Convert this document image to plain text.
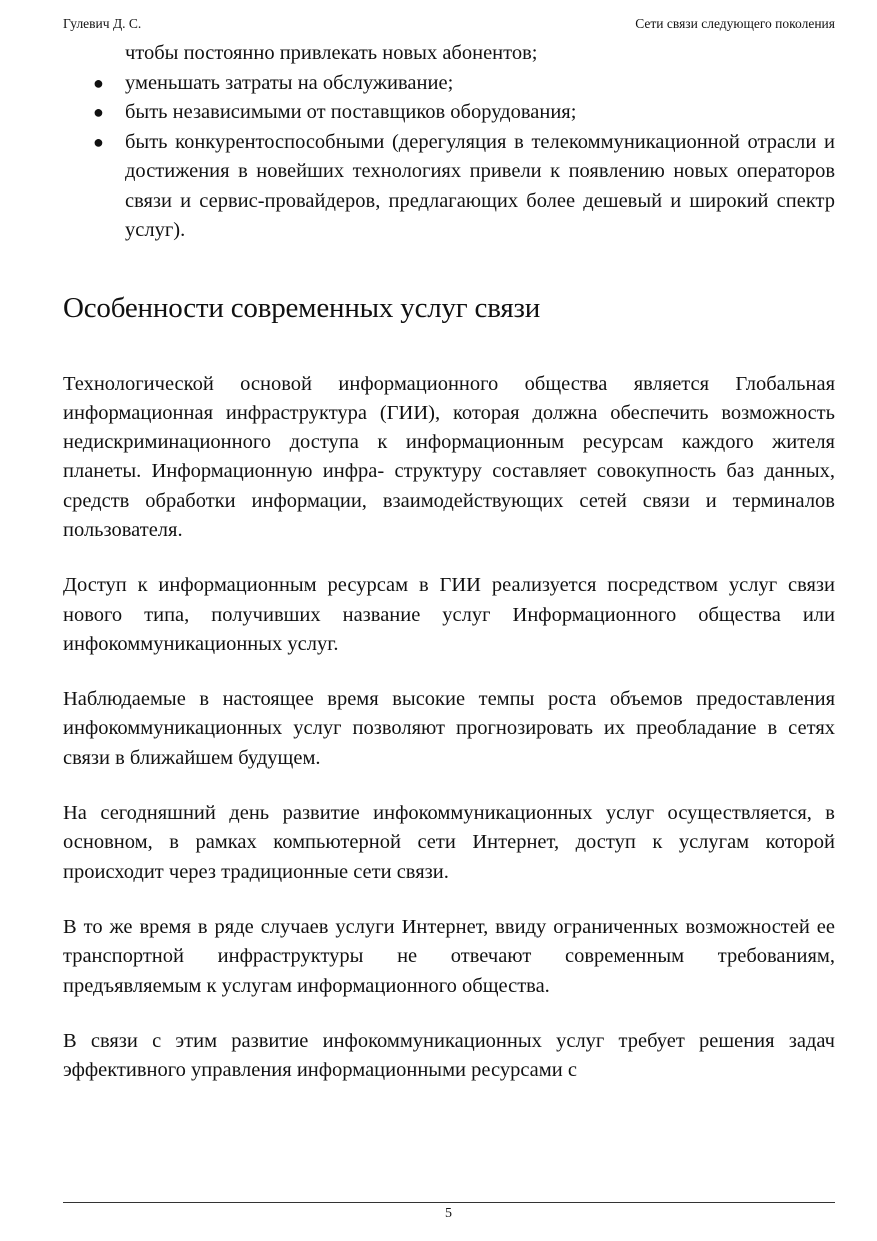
Гулевич Д. С.	Сети связи следующего поколения
чтобы постоянно привлекать новых абонентов;
● уменьшать затраты на обслуживание;
● быть независимыми от поставщиков оборудования;
● быть конкурентоспособными (дерегуляция в телекоммуникационной отрасли и достижения в новейших технологиях привели к появлению новых операторов связи и сервис-провайдеров, предлагающих более дешевый и широкий спектр услуг).
Особенности современных услуг связи

Технологической основой информационного общества является Глобальная информационная инфраструктура (ГИИ), которая должна обеспечить возможность недискриминационного доступа к информационным ресурсам каждого жителя планеты. Информационную инфра- структуру составляет совокупность баз данных, средств обработки информации, взаимодействующих сетей связи и терминалов пользователя.

Доступ к информационным ресурсам в ГИИ реализуется посредством услуг связи нового типа, получивших название услуг Информационного общества или инфокоммуникационных услуг.

Наблюдаемые в настоящее время высокие темпы роста объемов предоставления инфокоммуникационных услуг позволяют прогнозировать их преобладание в сетях связи в ближайшем будущем.

На сегодняшний день развитие инфокоммуникационных услуг осуществляется, в основном, в рамках компьютерной сети Интернет, доступ к услугам которой происходит через традиционные сети связи.

В то же время в ряде случаев услуги Интернет, ввиду ограниченных возможностей ее транспортной инфраструктуры не отвечают современным требованиям, предъявляемым к услугам информационного общества.

В связи с этим развитие инфокоммуникационных услуг требует решения задач эффективного управления информационными ресурсами с

5
